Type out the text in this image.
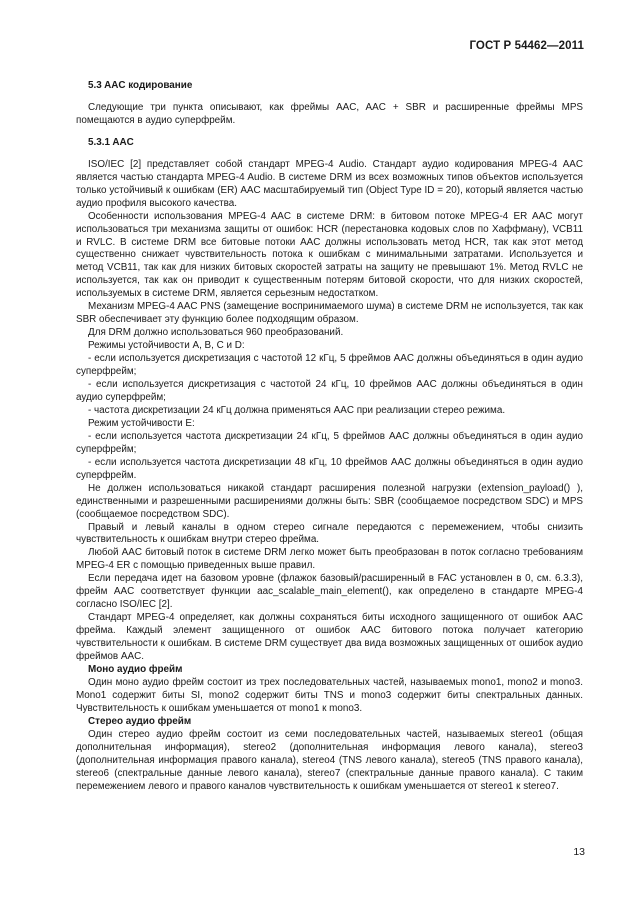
ГОСТ Р 54462—2011

5.3 AAC кодирование

Следующие три пункта описывают, как фреймы AAC, AAC + SBR и расширенные фреймы MPS помещаются в аудио суперфрейм.

5.3.1 AAC

ISO/IEC [2] представляет собой стандарт MPEG-4 Audio. Стандарт аудио кодирования MPEG-4 AAC является частью стандарта MPEG-4 Audio. В системе DRM из всех возможных типов объектов используется только устойчивый к ошибкам (ER) AAC масштабируемый тип (Object Type ID = 20), который является частью аудио профиля высокого качества.

Особенности использования MPEG-4 AAC в системе DRM: в битовом потоке MPEG-4 ER AAC могут использоваться три механизма защиты от ошибок: HCR (перестановка кодовых слов по Хаффману), VCB11 и RVLC. В системе DRM все битовые потоки AAC должны использовать метод HCR, так как этот метод существенно снижает чувствительность потока к ошибкам с минимальными затратами. Используется и метод VCB11, так как для низких битовых скоростей затраты на защиту не превышают 1%. Метод RVLC не используется, так как он приводит к существенным потерям битовой скорости, что для низких скоростей, используемых в системе DRM, является серьезным недостатком.

Механизм MPEG-4 AAC PNS (замещение воспринимаемого шума) в системе DRM не используется, так как SBR обеспечивает эту функцию более подходящим образом.

Для DRM должно использоваться 960 преобразований.

Режимы устойчивости A, B, C и D:

- если используется дискретизация с частотой 12 кГц, 5 фреймов AAC должны объединяться в один аудио суперфрейм;

- если используется дискретизация с частотой 24 кГц, 10 фреймов AAC должны объединяться в один аудио суперфрейм;

- частота дискретизации 24 кГц должна применяться AAC при реализации стерео режима.

Режим устойчивости E:

- если используется частота дискретизации 24 кГц, 5 фреймов AAC должны объединяться в один аудио суперфрейм;

- если используется частота дискретизации 48 кГц, 10 фреймов AAC должны объединяться в один аудио суперфрейм.

Не должен использоваться никакой стандарт расширения полезной нагрузки (extension_payload() ), единственными и разрешенными расширениями должны быть: SBR (сообщаемое посредством SDC) и MPS (сообщаемое посредством SDC).

Правый и левый каналы в одном стерео сигнале передаются с перемежением, чтобы снизить чувствительность к ошибкам внутри стерео фрейма.

Любой AAC битовый поток в системе DRM легко может быть преобразован в поток согласно требованиям MPEG-4 ER с помощью приведенных выше правил.

Если передача идет на базовом уровне (флажок базовый/расширенный в FAC установлен в 0, см. 6.3.3), фрейм AAC соответствует функции aac_scalable_main_element(), как определено в стандарте MPEG-4 согласно ISO/IEC [2].

Стандарт MPEG-4 определяет, как должны сохраняться биты исходного защищенного от ошибок AAC фрейма. Каждый элемент защищенного от ошибок AAC битового потока получает категорию чувствительности к ошибкам. В системе DRM существует два вида возможных защищенных от ошибок аудио фреймов AAC.

Моно аудио фрейм

Один моно аудио фрейм состоит из трех последовательных частей, называемых mono1, mono2 и mono3. Mono1 содержит биты SI, mono2 содержит биты TNS и mono3 содержит биты спектральных данных. Чувствительность к ошибкам уменьшается от mono1 к mono3.

Стерео аудио фрейм

Один стерео аудио фрейм состоит из семи последовательных частей, называемых stereo1 (общая дополнительная информация), stereo2 (дополнительная информация левого канала), stereo3 (дополнительная информация правого канала), stereo4 (TNS левого канала), stereo5 (TNS правого канала), stereo6 (спектральные данные левого канала), stereo7 (спектральные данные правого канала). С таким перемежением левого и правого каналов чувствительность к ошибкам уменьшается от stereo1 к stereo7.

13
